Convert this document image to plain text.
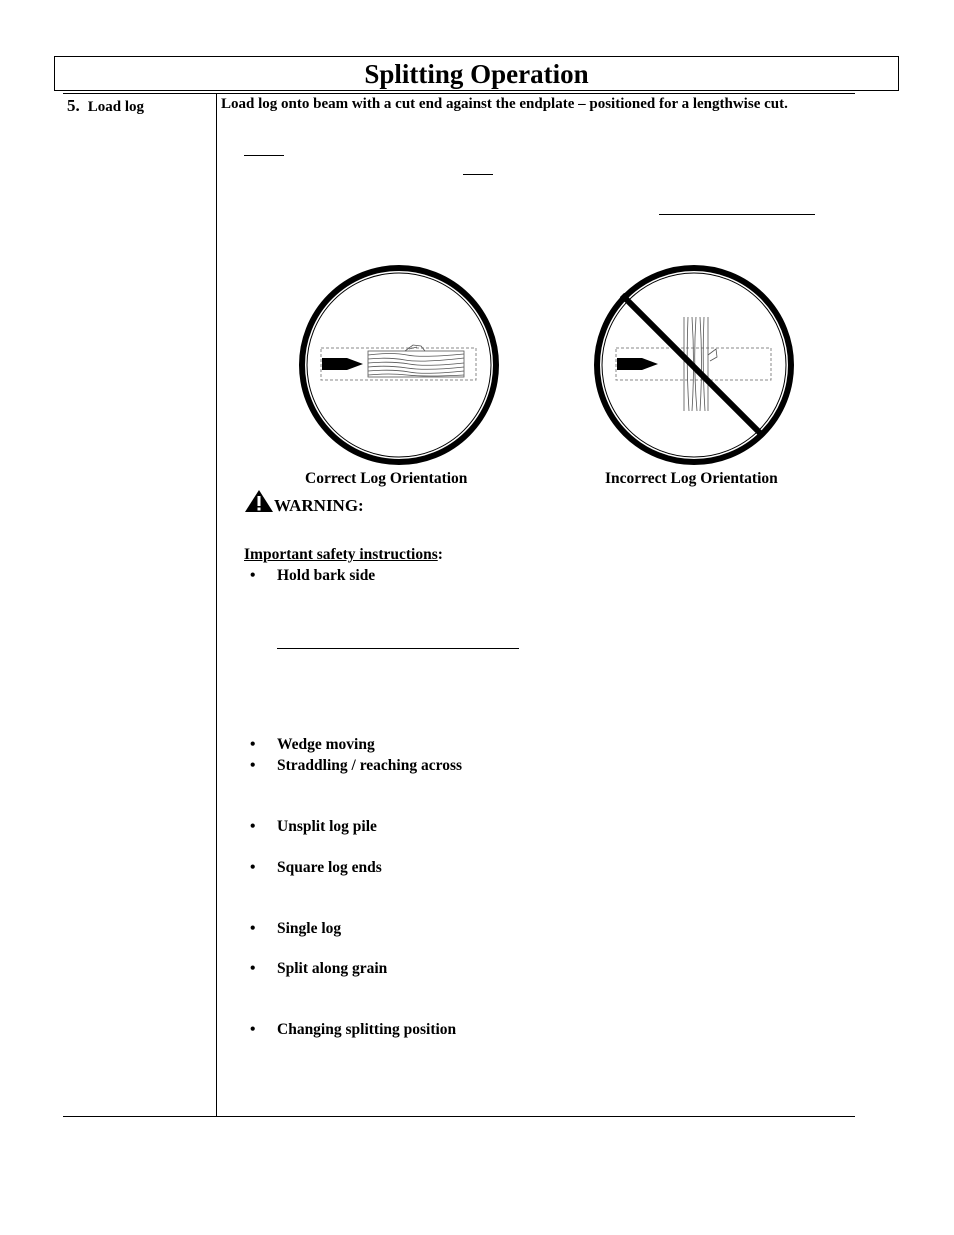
Splitting Operation
5. Load log	Load log onto beam with a cut end against the endplate – positioned for a lengthwise cut.
Correct Log Orientation	Incorrect Log Orientation
WARNING:
Important safety instructions:
• Hold bark side
• Wedge moving
• Straddling / reaching across
• Unsplit log pile
• Square log ends
• Single log
• Split along grain
• Changing splitting position
